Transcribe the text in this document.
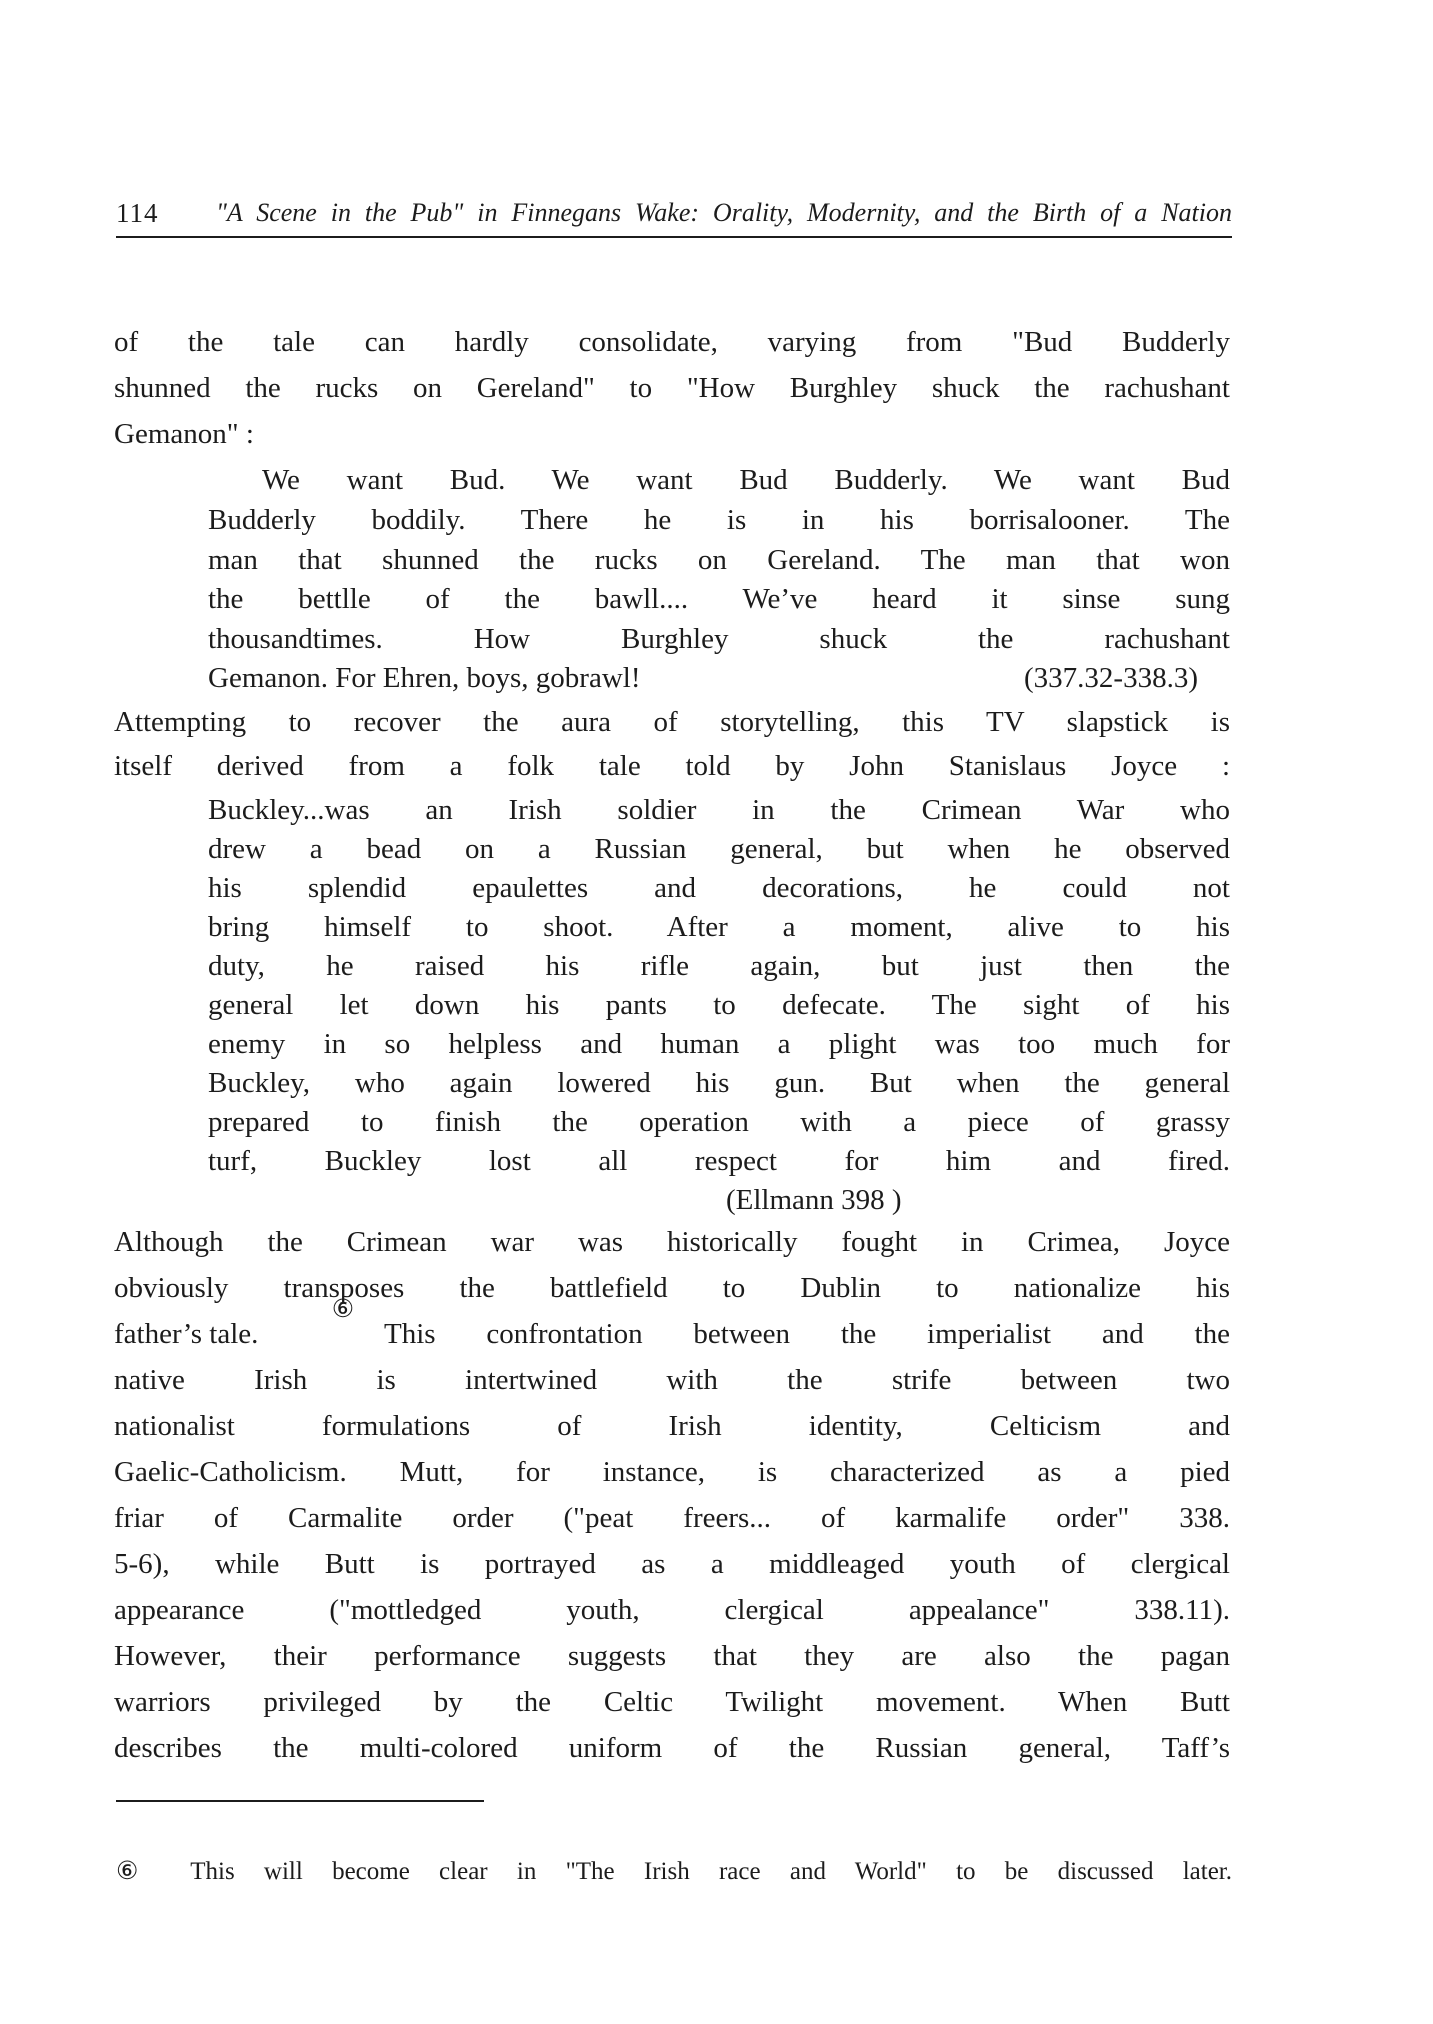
114 "A Scene in the Pub" in Finnegans Wake: Orality, Modernity, and the Birth of a Nation
of the tale can hardly consolidate, varying from "Bud Budderly
shunned the rucks on Gereland" to "How Burghley shuck the rachushant
Gemanon" :
We want Bud. We want Bud Budderly. We want Bud
Budderly boddily. There he is in his borrisalooner. The
man that shunned the rucks on Gereland. The man that won
the bettlle of the bawll.... We’ve heard it sinse sung
thousandtimes. How Burghley shuck the rachushant
Gemanon. For Ehren, boys, gobrawl!	(337.32-338.3)
Attempting to recover the aura of storytelling, this TV slapstick is
itself derived from a folk tale told by John Stanislaus Joyce :
Buckley...was an Irish soldier in the Crimean War who
drew a bead on a Russian general, but when he observed
his splendid epaulettes and decorations, he could not
bring himself to shoot. After a moment, alive to his
duty, he raised his rifle again, but just then the
general let down his pants to defecate. The sight of his
enemy in so helpless and human a plight was too much for
Buckley, who again lowered his gun. But when the general
prepared to finish the operation with a piece of grassy
turf, Buckley lost all respect for him and fired.
(Ellmann 398 )
Although the Crimean war was historically fought in Crimea, Joyce
obviously transposes the battlefield to Dublin to nationalize his
father’s tale.
⑥
This confrontation between the imperialist and the
native Irish is intertwined with the strife between two
nationalist formulations of Irish identity, Celticism and
Gaelic-Catholicism. Mutt, for instance, is characterized as a pied
friar of Carmalite order ("peat freers... of karmalife order" 338.
5-6), while Butt is portrayed as a middleaged youth of clergical
appearance ("mottledged youth, clergical appealance" 338.11).
However, their performance suggests that they are also the pagan
warriors privileged by the Celtic Twilight movement. When Butt
describes the multi-colored uniform of the Russian general, Taff’s
⑥ This will become clear in "The Irish race and World" to be discussed later.
